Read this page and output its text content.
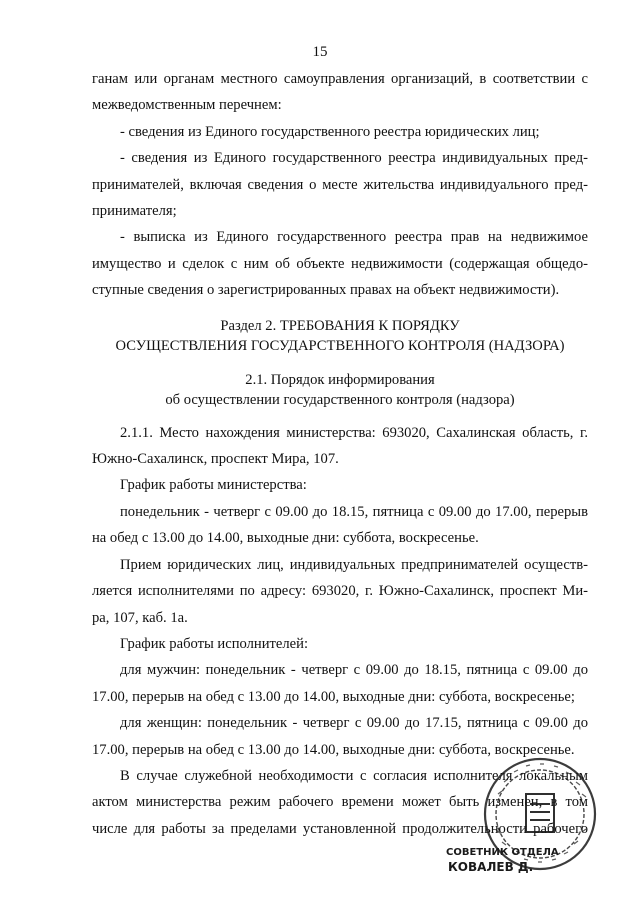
15

ганам или органам местного самоуправления организаций, в соответствии с
межведомственным перечнем:

- сведения из Единого государственного реестра юридических лиц;

- сведения из Единого государственного реестра индивидуальных пред-
принимателей, включая сведения о месте жительства индивидуального пред-
принимателя;

- выписка из Единого государственного реестра прав на недвижимое
имущество и сделок с ним об объекте недвижимости (содержащая общедо-
ступные сведения о зарегистрированных правах на объект недвижимости).

Раздел 2. ТРЕБОВАНИЯ К ПОРЯДКУ
ОСУЩЕСТВЛЕНИЯ ГОСУДАРСТВЕННОГО КОНТРОЛЯ (НАДЗОРА)

2.1. Порядок информирования
об осуществлении государственного контроля (надзора)

2.1.1. Место нахождения министерства: 693020, Сахалинская область, г.
Южно-Сахалинск, проспект Мира, 107.

График работы министерства:

понедельник - четверг с 09.00 до 18.15, пятница с 09.00 до 17.00, перерыв
на обед с 13.00 до 14.00, выходные дни: суббота, воскресенье.

Прием юридических лиц, индивидуальных предпринимателей осуществ-
ляется исполнителями по адресу: 693020, г. Южно-Сахалинск, проспект Ми-
ра, 107, каб. 1а.

График работы исполнителей:

для мужчин: понедельник - четверг с 09.00 до 18.15, пятница с 09.00 до
17.00, перерыв на обед с 13.00 до 14.00, выходные дни: суббота, воскресенье;

для женщин: понедельник - четверг с 09.00 до 17.15, пятница с 09.00 до
17.00, перерыв на обед с 13.00 до 14.00, выходные дни: суббота, воскресенье.

В случае служебной необходимости с согласия исполнителя локальным
актом министерства режим рабочего времени может быть изменен, в том
числе для работы за пределами установленной продолжительности рабочего

СОВЕТНИК ОТДЕЛА
КОВАЛЕВ Д.
